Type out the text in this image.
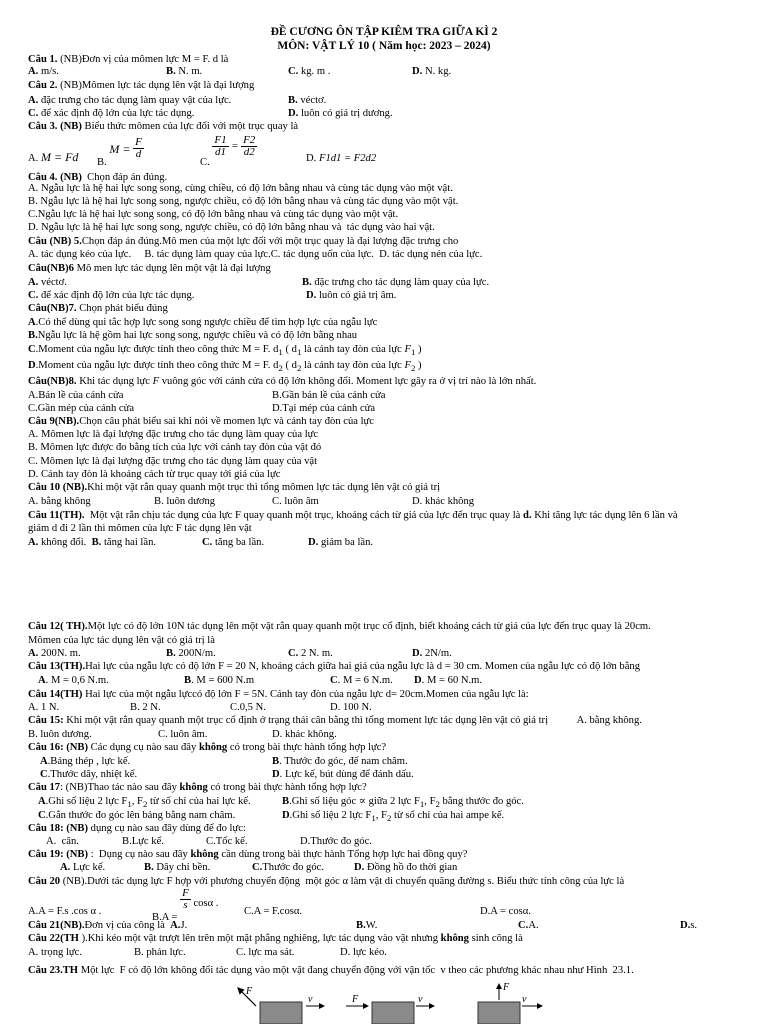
ĐỀ CƯƠNG ÔN TẬP KIÊM TRA GIỮA KÌ 2
MÔN: VẬT LÝ 10 ( Năm học: 2023 – 2024)
Câu 1. (NB)Đơn vị của mômen lực M = F. d là
A. m/s.	B. N. m.	C. kg. m .	D. N. kg.
Câu 2. (NB)Mômen lực tác dụng lên vật là đại lượng
A. đặc trưng cho tác dụng làm quay vật của lực.	B. véctơ.
C. để xác định độ lớn của lực tác dụng.	D. luôn có giá trị dương.
Câu 3. (NB) Biểu thức mômen của lực đối với một trục quay là
Câu 4. (NB)  Chọn đáp án đúng.
A. Ngẫu lực là hệ hai lực song song, cùng chiều, có độ lớn bằng nhau và cùng tác dụng vào một vật.
B. Ngẫu lực là hệ hai lực song song, ngược chiều, có độ lớn bằng nhau và cùng tác dụng vào một vật.
C.Ngẫu lực là hệ hai lực song song, có độ lớn bằng nhau và cùng tác dụng vào một vật.
D. Ngẫu lực là hệ hai lực song song, ngược chiều, có độ lớn bằng nhau và  tác dụng vào hai vật.
Câu (NB) 5.Chọn đáp án đúng.Mô men của một lực đối với một trục quay là đại lượng đặc trưng cho
A. tác dụng kéo của lực.     B. tác dụng làm quay của lực.C. tác dụng uốn của lực.  D. tác dụng nén của lực.
Câu(NB)6 Mô men lực tác dụng lên một vật là đại lượng
A. véctơ.	B. đặc trưng cho tác dụng làm quay của lực.
C. để xác định độ lớn của lực tác dụng.	D. luôn có giá trị âm.
Câu(NB)7. Chọn phát biểu đúng
A.Có thể dùng qui tắc hợp lực song song ngược chiều để tìm hợp lực của ngẫu lực
B.Ngẫu lực là hệ gồm hai lực song song, ngược chiều và có độ lớn bằng nhau
C.Moment của ngẫu lực được tính theo công thức M = F. $d_1$ ( $d_1$ là cánh tay đòn của lực $F_1$ )
D.Moment của ngẫu lực được tính theo công thức M = F. $d_2$ ( $d_2$ là cánh tay đòn của lực $F_2$ )
Câu(NB)8. Khi tác dụng lực F vuông góc với cánh cửa có độ lớn không đổi. Moment lực gây ra ở vị trí nào là lớn nhất.
A.Bản lề của cánh cửa	B.Gần bản lề của cánh cửa
C.Gần mép của cánh cửa	D.Tại mép của cánh cửa
Câu 9(NB).Chọn câu phát biểu sai khi nói về momen lực và cánh tay đòn của lực
A. Mômen lực là đại lượng đặc trưng cho tác dụng làm quay của lực
B. Mômen lực được đo bằng tích của lực với cánh tay đòn của vật đó
C. Mômen lực là đại lượng đặc trưng cho tác dụng làm quay của vật
D. Cánh tay đòn là khoảng cách từ trục quay tới giá của lực
Câu 10 (NB).Khi một vật rắn quay quanh một trục thì tổng mômen lực tác dụng lên vật có giá trị
A. bằng không	B. luôn dương	C. luôn âm	D. khác không
Câu 11(TH).  Một vật rắn chịu tác dụng của lực F quay quanh một trục, khoảng cách từ giá của lực đến trục quay là d. Khi tăng lực tác dụng lên 6 lần và
giảm d đi 2 lần thì mômen của lực F tác dụng lên vật
A. không đổi.  B. tăng hai lần.	C. tăng ba lần.	D. giảm ba lần.
Câu 12( TH).Một lực có độ lớn 10N tác dụng lên một vật rắn quay quanh một trục cố định, biết khoảng cách từ giá của lực đến trục quay là 20cm.
Mômen của lực tác dụng lên vật có giá trị là
A. 200N. m.	B. 200N/m.	C. 2 N. m.	D. 2N/m.
Câu 13(TH).Hai lực của ngẫu lực có độ lớn F = 20 N, khoảng cách giữa hai giá của ngẫu lực là d = 30 cm. Momen của ngẫu lực có độ lớn bằng
A. M = 0,6 N.m.	B. M = 600 N.m	C. M = 6 N.m. D. M = 60 N.m.
Câu 14(TH) Hai lực của một ngẫu lựccó độ lớn F = 5N. Cánh tay đòn của ngẫu lực d= 20cm.Momen của ngẫu lực là:
A. 1 N.	B. 2 N.	C.0,5 N.	D. 100 N.
Câu 15: Khi một vật rắn quay quanh một trục cố định ở trạng thái cân bằng thì tổng moment lực tác dụng lên vật có giá trị           A. bằng không.
B. luôn dương.	C. luôn âm.	D. khác không.
Câu 16: (NB) Các dụng cụ nào sau đây không có trong bài thực hành tổng hợp lực?
A.Bảng thép , lực kế.	B. Thước đo góc, đế nam châm.
C.Thước dây, nhiệt kế.	D. Lực kế, bút dùng để đánh dấu.
Câu 17: (NB)Thao tác nào sau đây không có trong bài thực hành tổng hợp lực?
A.Ghi số liệu 2 lực $F_1$, $F_2$ từ số chỉ của hai lực kế.	B.Ghi số liệu góc ∝ giữa 2 lực $F_1$, $F_2$ bằng thước đo góc.
C.Gắn thước đo góc lên bảng bằng nam châm.	D.Ghi số liệu 2 lực $F_1$, $F_2$ từ số chỉ của hai ampe kế.
Câu 18: (NB) dụng cụ nào sau đây dùng để đo lực:
A.  cân.	B.Lực kế.	C.Tốc kế.	D.Thước đo góc.
Câu 19: (NB) :  Dụng cụ nào sau đây không cần dùng trong bài thực hành Tổng hợp lực hai đồng quy?
A. Lực kế.	B. Dây chỉ bền.	C.Thước đo góc.	D. Đồng hồ đo thời gian
Câu 20 (NB).Dưới tác dụng lực F hợp với phương chuyển động  một góc α làm vật di chuyển quãng đường s. Biểu thức tính công của lực là
Câu 21(NB).Đơn vị của công là  A.J.	B.W.	C.A.	D.s.
Câu 22(TH ).Khi kéo một vật trượt lên trên một mặt phẳng nghiêng, lực tác dụng vào vật nhưng không sinh công là
A. trọng lực.	B. phản lực.	C. lực ma sát.	D. lực kéo.
Câu 23.TH Một lực  F có độ lớn không đổi tác dụng vào một vật đang chuyển động với vận tốc  v theo các phương khác nhau như Hình  23.1.
A. M = Fd B. $M = \frac{F}{d}$
C.
$\frac{F1}{d1} = \frac{F2}{d2}$
D. F1d1 = F2d2
A.A = F.s .cos α .
B.A =
$\frac{F}{s}$ cosα .
C.A = F.cosα.	D.A = cosα.
F
v	F	v
F
v
